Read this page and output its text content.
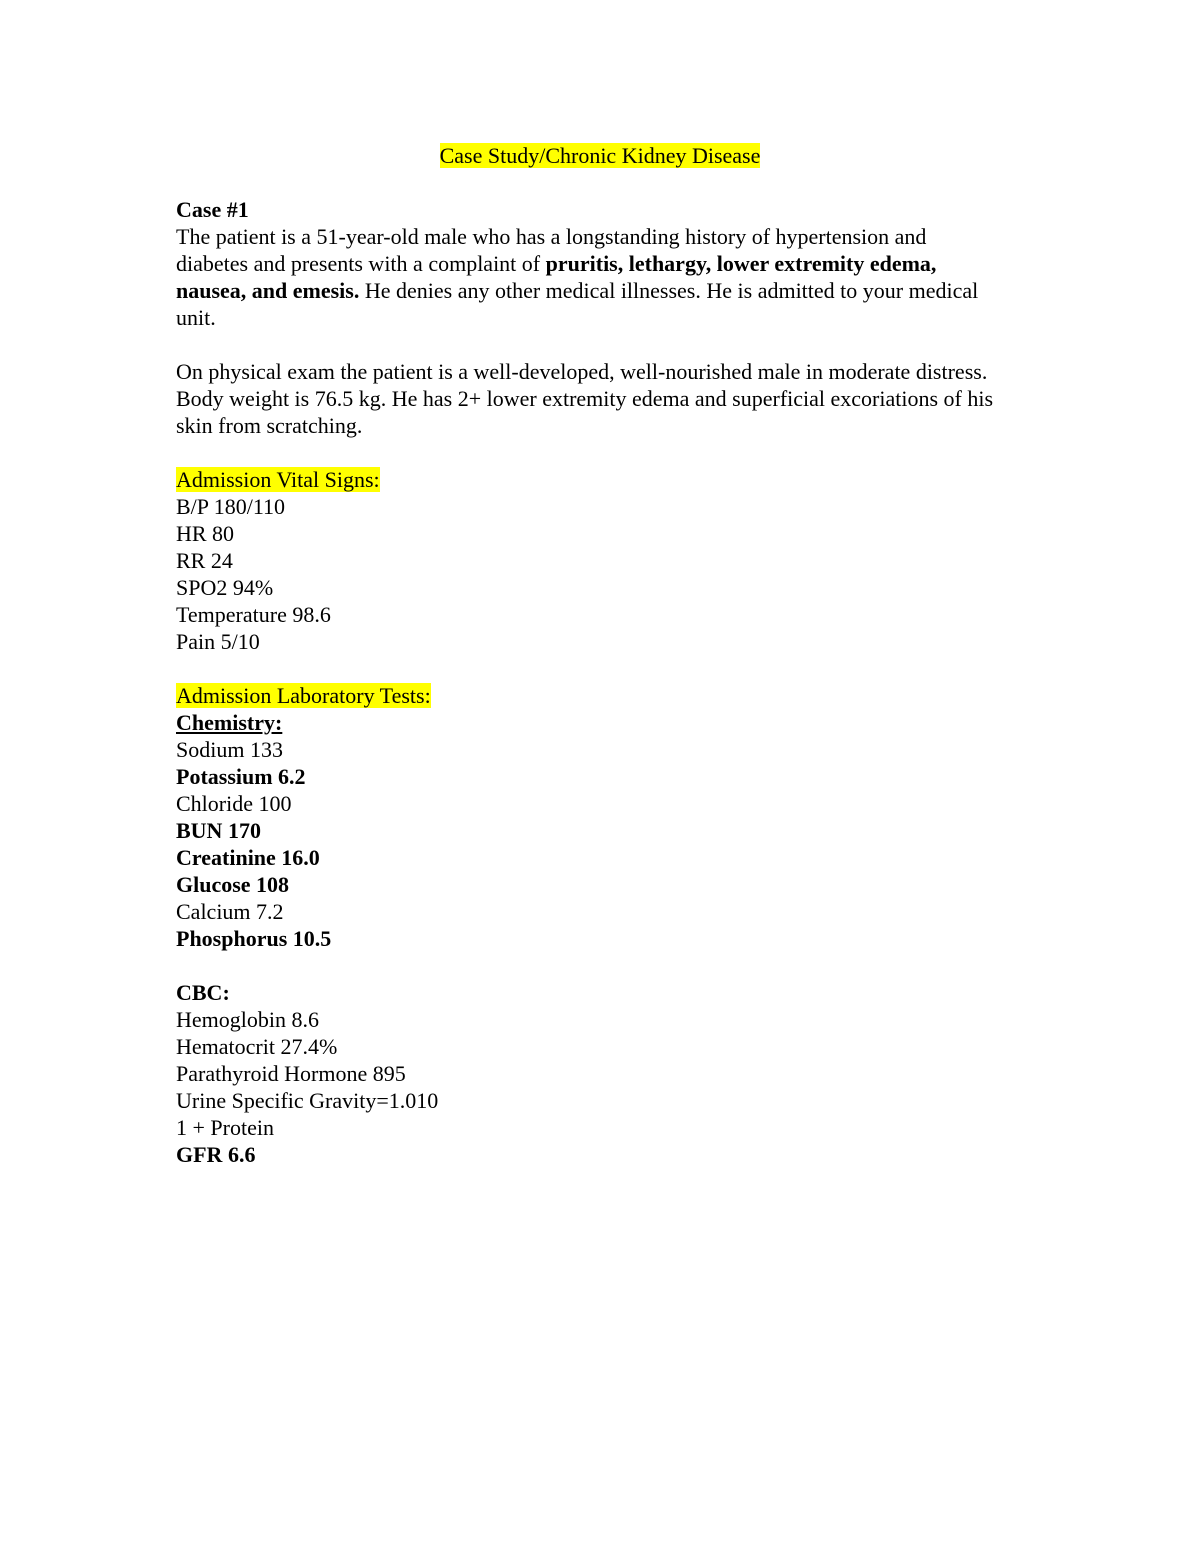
Case Study/Chronic Kidney Disease
Case #1

The patient is a 51-year-old male who has a longstanding history of hypertension and diabetes and presents with a complaint of pruritis, lethargy, lower extremity edema, nausea, and emesis. He denies any other medical illnesses. He is admitted to your medical unit.

On physical exam the patient is a well-developed, well-nourished male in moderate distress. Body weight is 76.5 kg. He has 2+ lower extremity edema and superficial excoriations of his skin from scratching.

Admission Vital Signs:
B/P 180/110
HR 80
RR 24
SPO2 94%
Temperature 98.6
Pain 5/10
Admission Laboratory Tests:
Chemistry:
Sodium 133
Potassium 6.2
Chloride 100
BUN 170
Creatinine 16.0
Glucose 108
Calcium 7.2
Phosphorus 10.5
CBC:
Hemoglobin 8.6
Hematocrit 27.4%
Parathyroid Hormone 895
Urine Specific Gravity=1.010
1 + Protein
GFR 6.6
